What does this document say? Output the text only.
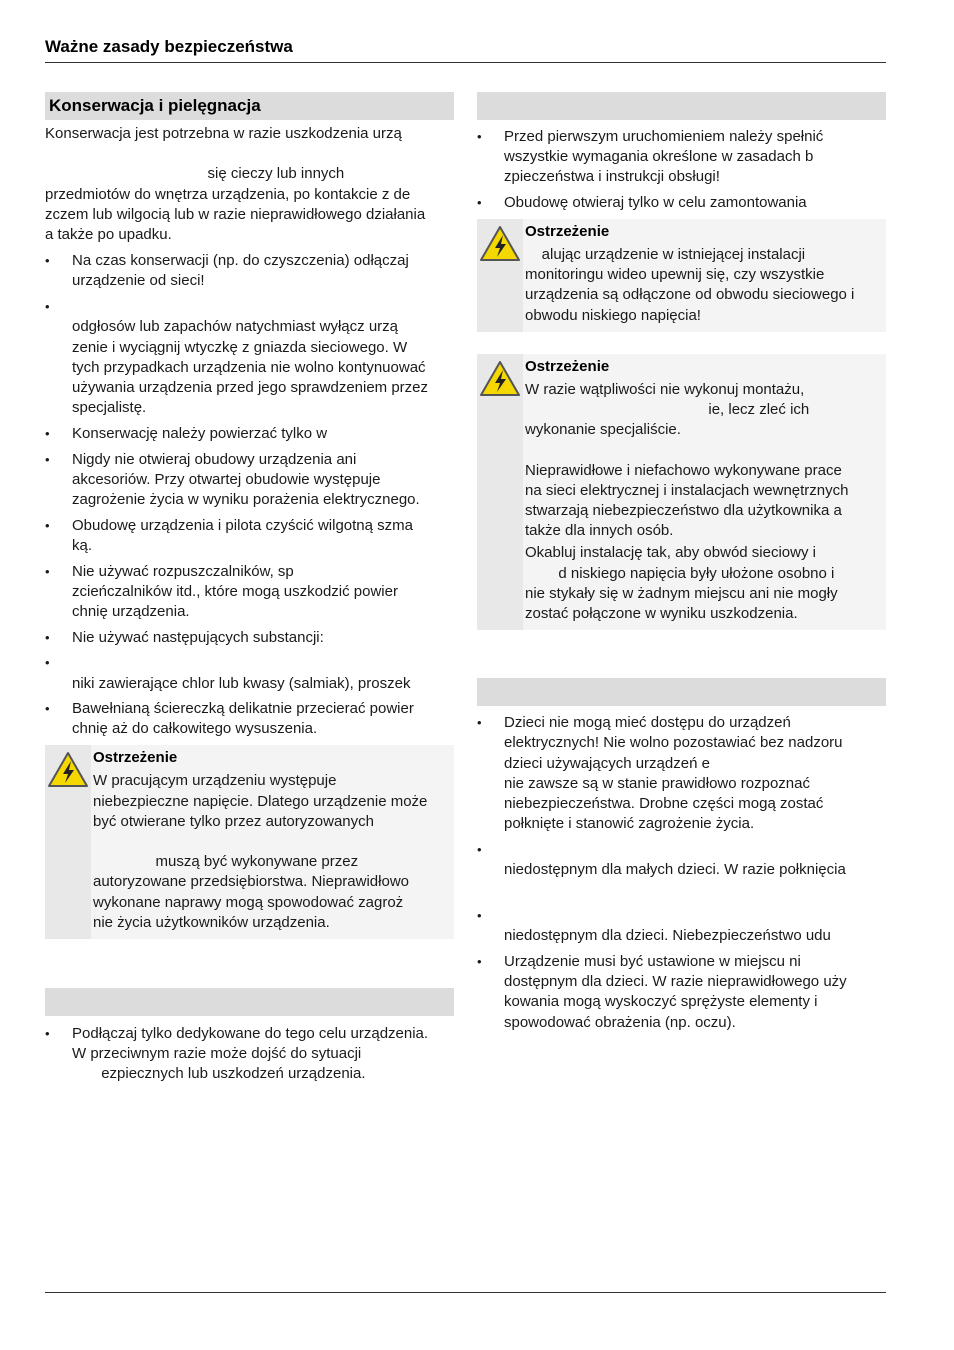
Ważne zasady bezpieczeństwa
Konserwacja i pielęgnacja

Konserwacja jest potrzebna w razie uszkodzenia urzą

się cieczy lub innych
przedmiotów do wnętrza urządzenia, po kontakcie z de
zczem lub wilgocią lub w razie nieprawidłowego działania
a także po upadku.

• Na czas konserwacji (np. do czyszczenia) odłączaj
urządzenie od sieci!
•
odgłosów lub zapachów natychmiast wyłącz urzą
zenie i wyciągnij wtyczkę z gniazda sieciowego. W
tych przypadkach urządzenia nie wolno kontynuować
używania urządzenia przed jego sprawdzeniem przez
specjalistę.
• Konserwację należy powierzać tylko w

• Nigdy nie otwieraj obudowy urządzenia ani
akcesoriów. Przy otwartej obudowie występuje
zagrożenie życia w wyniku porażenia elektrycznego.
• Obudowę urządzenia i pilota czyścić wilgotną szma
ką.
• Nie używać rozpuszczalników, sp
zcieńczalników itd., które mogą uszkodzić powier
chnię urządzenia.
• Nie używać następujących substancji:
•
niki zawierające chlor lub kwasy (salmiak), proszek

• Bawełnianą ściereczką delikatnie przecierać powier
chnię aż do całkowitego wysuszenia.

Ostrzeżenie

W pracującym urządzeniu występuje
niebezpieczne napięcie. Dlatego urządzenie może
być otwierane tylko przez autoryzowanych

muszą być wykonywane przez
autoryzowane przedsiębiorstwa. Nieprawidłowo
wykonane naprawy mogą spowodować zagroż
nie życia użytkowników urządzenia.

• Podłączaj tylko dedykowane do tego celu urządzenia.
W przeciwnym razie może dojść do sytuacji
ezpiecznych lub uszkodzeń urządzenia.
• Przed pierwszym uruchomieniem należy spełnić
wszystkie wymagania określone w zasadach b
zpieczeństwa i instrukcji obsługi!
• Obudowę otwieraj tylko w celu zamontowania

Ostrzeżenie

alując urządzenie w istniejącej instalacji
monitoringu wideo upewnij się, czy wszystkie
urządzenia są odłączone od obwodu sieciowego i
obwodu niskiego napięcia!

Ostrzeżenie

W razie wątpliwości nie wykonuj montażu,
ie, lecz zleć ich
wykonanie specjaliście.

Nieprawidłowe i niefachowo wykonywane prace
na sieci elektrycznej i instalacjach wewnętrznych
stwarzają niebezpieczeństwo dla użytkownika a
także dla innych osób.

Okabluj instalację tak, aby obwód sieciowy i
d niskiego napięcia były ułożone osobno i
nie stykały się w żadnym miejscu ani nie mogły
zostać połączone w wyniku uszkodzenia.

• Dzieci nie mogą mieć dostępu do urządzeń
elektrycznych! Nie wolno pozostawiać bez nadzoru
dzieci używających urządzeń e
nie zawsze są w stanie prawidłowo rozpoznać
niebezpieczeństwa. Drobne części mogą zostać
połknięte i stanowić zagrożenie życia.
•
niedostępnym dla małych dzieci. W razie połknięcia

•
niedostępnym dla dzieci. Niebezpieczeństwo udu

• Urządzenie musi być ustawione w miejscu ni
dostępnym dla dzieci. W razie nieprawidłowego uży
kowania mogą wyskoczyć sprężyste elementy i
spowodować obrażenia (np. oczu).
